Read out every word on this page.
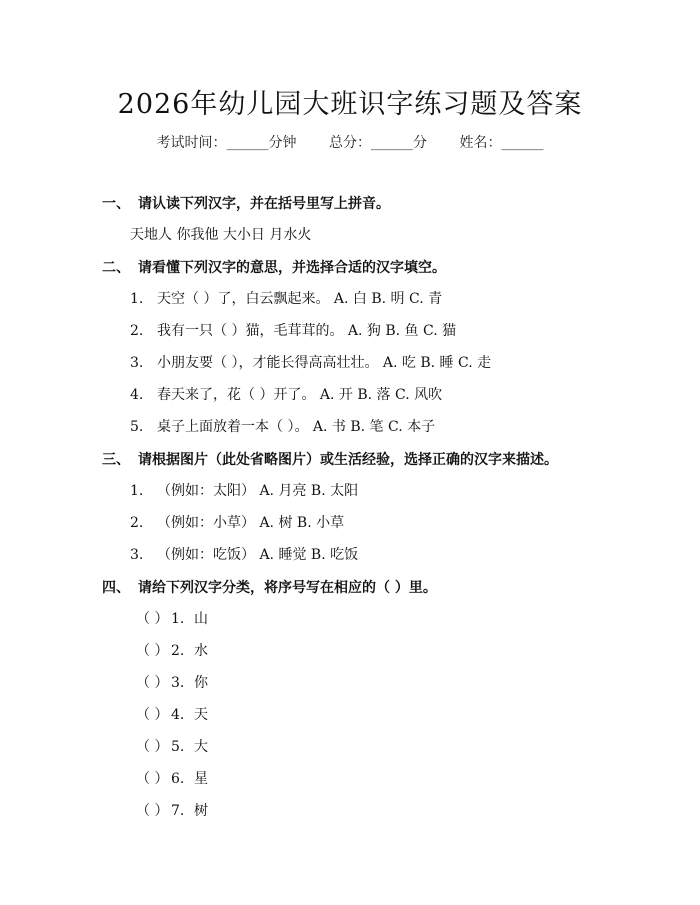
2026年幼儿园大班识字练习题及答案
考试时间：______分钟 总分：______分 姓名：______
一、 请认读下列汉字，并在括号里写上拼音。
天地人 你我他 大小日 月水火
二、 请看懂下列汉字的意思，并选择合适的汉字填空。
1. 天空（ ）了，白云飘起来。 A. 白 B. 明 C. 青
2. 我有一只（ ）猫，毛茸茸的。 A. 狗 B. 鱼 C. 猫
3. 小朋友要（ ），才能长得高高壮壮。 A. 吃 B. 睡 C. 走
4. 春天来了，花（ ）开了。 A. 开 B. 落 C. 风吹
5. 桌子上面放着一本（ ）。 A. 书 B. 笔 C. 本子
三、 请根据图片（此处省略图片）或生活经验，选择正确的汉字来描述。
1. （例如：太阳） A. 月亮 B. 太阳
2. （例如：小草） A. 树 B. 小草
3. （例如：吃饭） A. 睡觉 B. 吃饭
四、 请给下列汉字分类，将序号写在相应的（ ）里。
（ ） 1. 山
（ ） 2. 水
（ ） 3. 你
（ ） 4. 天
（ ） 5. 大
（ ） 6. 星
（ ） 7. 树
